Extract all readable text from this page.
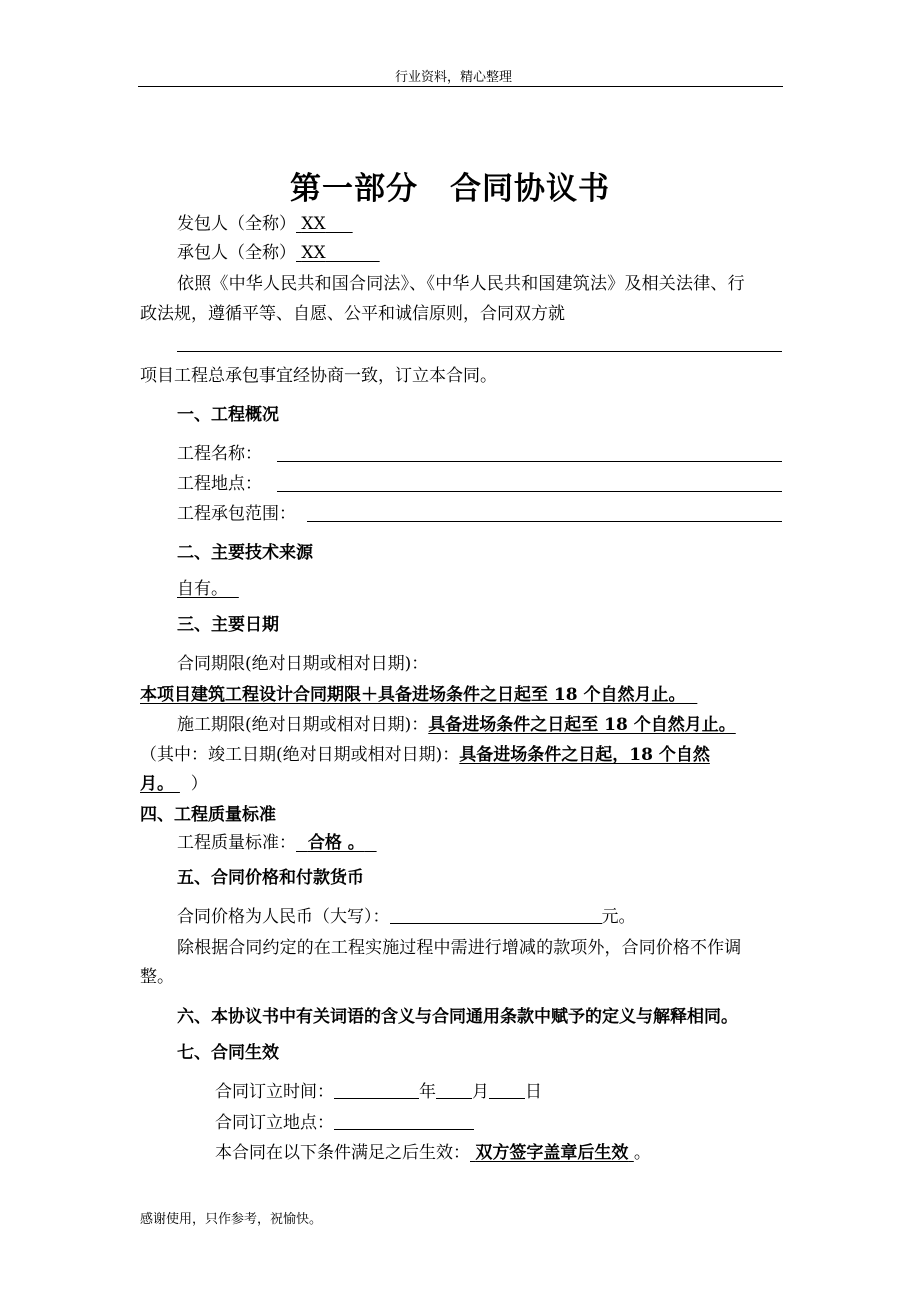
行业资料，精心整理
第一部分　合同协议书
发包人（全称） XX
承包人（全称） XX
依照《中华人民共和国合同法》、《中华人民共和国建筑法》及相关法律、行
政法规，遵循平等、自愿、公平和诚信原则，合同双方就
项目工程总承包事宜经协商一致，订立本合同。
一、工程概况
工程名称：
工程地点：
工程承包范围：
二、主要技术来源
自有。
三、主要日期
合同期限(绝对日期或相对日期)：
本项目建筑工程设计合同期限＋具备进场条件之日起至 18 个自然月止。
施工期限(绝对日期或相对日期)：具备进场条件之日起至 18 个自然月止。
（其中：竣工日期(绝对日期或相对日期)：具备进场条件之日起，18 个自然
月。 ）
四、工程质量标准
工程质量标准： 合格 。
五、合同价格和付款货币
合同价格为人民币（大写）：	元。
除根据合同约定的在工程实施过程中需进行增减的款项外，合同价格不作调
整。
六、本协议书中有关词语的含义与合同通用条款中赋予的定义与解释相同。
七、合同生效
合同订立时间：	年 月 日
合同订立地点：
本合同在以下条件满足之后生效： 双方签字盖章后生效 。
感谢使用，只作参考，祝愉快。
